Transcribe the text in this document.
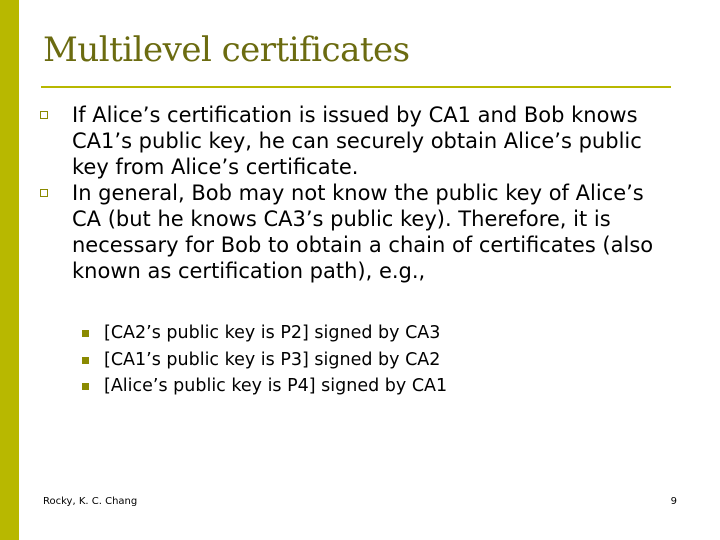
Multilevel certificates
If Alice’s certification is issued by CA1 and Bob knows CA1’s public key, he can securely obtain Alice’s public key from Alice’s certificate.
In general, Bob may not know the public key of Alice’s CA (but he knows CA3’s public key). Therefore, it is necessary for Bob to obtain a chain of certificates (also known as certification path), e.g.,
[CA2’s public key is P2] signed by CA3
[CA1’s public key is P3] signed by CA2
[Alice’s public key is P4] signed by CA1
Rocky, K. C. Chang	9
